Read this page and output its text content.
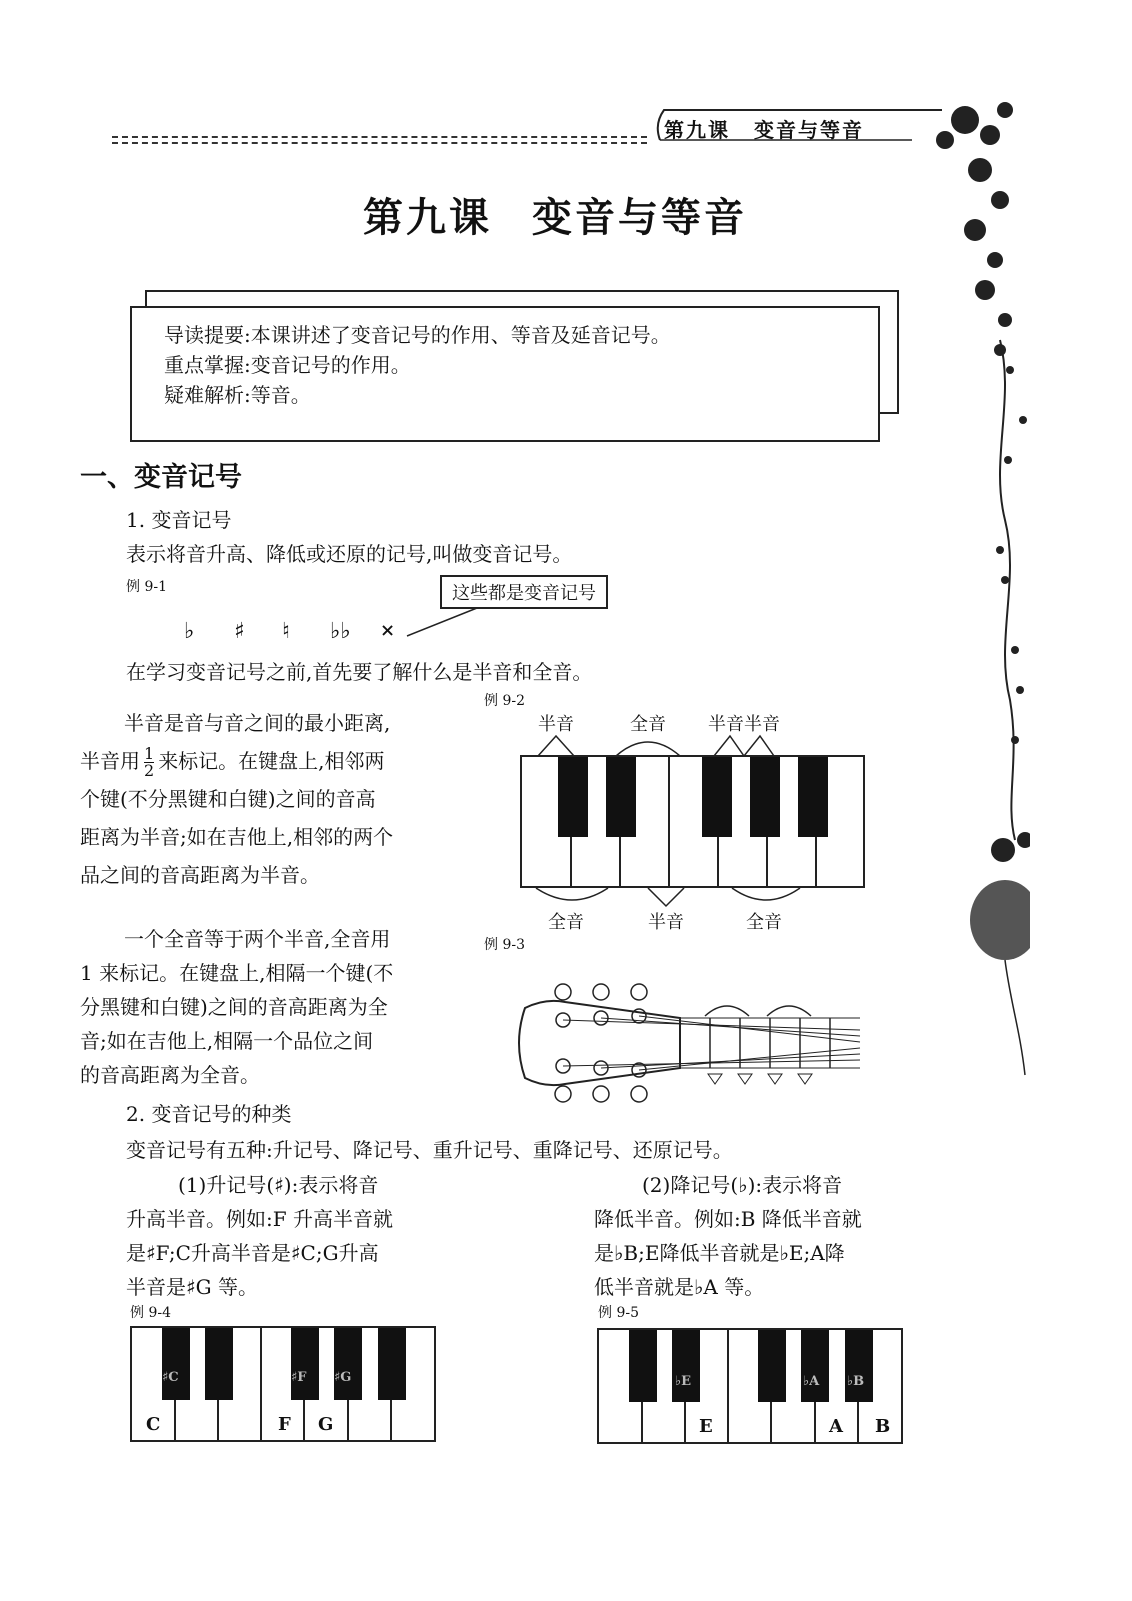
第九课 变音与等音
第九课 变音与等音
导读提要:本课讲述了变音记号的作用、等音及延音记号。
重点掌握:变音记号的作用。
疑难解析:等音。
一、变音记号
1. 变音记号
表示将音升高、降低或还原的记号,叫做变音记号。
例 9-1
♭ ♯ ♮ ♭♭ ×
这些都是变音记号
在学习变音记号之前,首先要了解什么是半音和全音。
例 9-2
半音是音与音之间的最小距离,
半音用 $\frac{1}{2}$ 来标记。在键盘上,相邻两
个键(不分黑键和白键)之间的音高
距离为半音;如在吉他上,相邻的两个
品之间的音高距离为半音。
半音	全音 半音半音
全音	半音	全音
例 9-3
一个全音等于两个半音,全音用
1 来标记。在键盘上,相隔一个键(不
分黑键和白键)之间的音高距离为全
音;如在吉他上,相隔一个品位之间
的音高距离为全音。
2. 变音记号的种类
变音记号有五种:升记号、降记号、重升记号、重降记号、还原记号。
(1)升记号(♯):表示将音
升高半音。例如:F 升高半音就
是♯F;C升高半音是♯C;G升高
半音是♯G 等。
(2)降记号(♭):表示将音
降低半音。例如:B 降低半音就
是♭B;E降低半音就是♭E;A降
低半音就是♭A 等。
例 9-4	例 9-5
♯C	♯F ♯G
C	F G
♭E	♭A ♭B
E	A B
